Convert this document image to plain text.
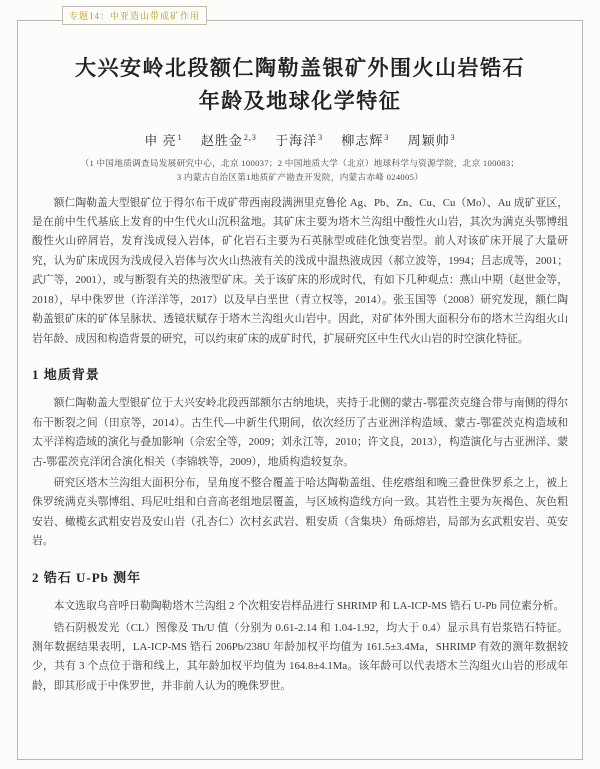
专题14：中亚造山带成矿作用
大兴安岭北段额仁陶勒盖银矿外围火山岩锆石
年龄及地球化学特征
申 亮$^1$ 赵胜金$^{2,3}$ 于海洋$^3$ 柳志辉$^3$ 周颖帅$^3$
（1 中国地质调查局发展研究中心，北京 100037；2 中国地质大学（北京）地球科学与资源学院，北京 100083；
3 内蒙古自治区第1地质矿产勘查开发院，内蒙古赤峰 024005）

额仁陶勒盖大型银矿位于得尔布干成矿带西南段满洲里克鲁伦 Ag、Pb、Zn、Cu、Cu（Mo）、Au 成矿亚区，是在前中生代基底上发育的中生代火山沉积盆地。其矿床主要为塔木兰沟组中酸性火山岩，其次为满克头鄂博组酸性火山碎屑岩，发育浅成侵入岩体，矿化岩石主要为石英脉型或硅化蚀变岩型。前人对该矿床开展了大量研究，认为矿床成因为浅成侵入岩体与次火山热液有关的浅成中温热液成因（郝立波等，1994；吕志成等，2001；武广等，2001），或与断裂有关的热液型矿床。关于该矿床的形成时代，有如下几种观点：燕山中期（赵世金等，2018），早中侏罗世（许洋洋等，2017）以及早白垩世（青立权等，2014）。张玉国等（2008）研究发现，额仁陶勒盖银矿床的矿体呈脉状、透镜状赋存于塔木兰沟组火山岩中。因此，对矿体外围大面积分布的塔木兰沟组火山岩年龄、成因和构造背景的研究，可以约束矿床的成矿时代，扩展研究区中生代火山岩的时空演化特征。

1 地质背景

额仁陶勒盖大型银矿位于大兴安岭北段西部额尔古纳地块，夹持于北侧的蒙古-鄂霍茨克缝合带与南侧的得尔布干断裂之间（田京等，2014）。古生代—中新生代期间，依次经历了古亚洲洋构造域、蒙古-鄂霍茨克构造域和太平洋构造域的演化与叠加影响（佘宏全等，2009；刘永江等，2010；许文良，2013），构造演化与古亚洲洋、蒙古-鄂霍茨克洋闭合演化相关（李锦轶等，2009），地质构造较复杂。

研究区塔木兰沟组大面积分布，呈角度不整合覆盖于哈达陶勒盖组、佳疙瘩组和晚三叠世侏罗系之上，被上侏罗统满克头鄂博组、玛尼吐组和白音高老组地层覆盖，与区域构造线方向一致。其岩性主要为灰褐色、灰色粗安岩、橄榄玄武粗安岩及安山岩（孔杏仁）次村玄武岩、粗安质（含集块）角砾熔岩，局部为玄武粗安岩、英安岩。

2 锆石 U-Pb 测年

本文选取乌音呼日勒陶勒塔木兰沟组 2 个次粗安岩样品进行 SHRIMP 和 LA-ICP-MS 锆石 U-Pb 同位素分析。

锆石阴极发光（CL）图像及 Th/U 值（分别为 0.61-2.14 和 1.04-1.92，均大于 0.4）显示具有岩浆锆石特征。测年数据结果表明，LA-ICP-MS 锆石 206Pb/238U 年龄加权平均值为 161.5±3.4Ma，SHRIMP 有效的测年数据较少，共有 3 个点位于谐和线上，其年龄加权平均值为 164.8±4.1Ma。该年龄可以代表塔木兰沟组火山岩的形成年龄，即其形成于中侏罗世，并非前人认为的晚侏罗世。
